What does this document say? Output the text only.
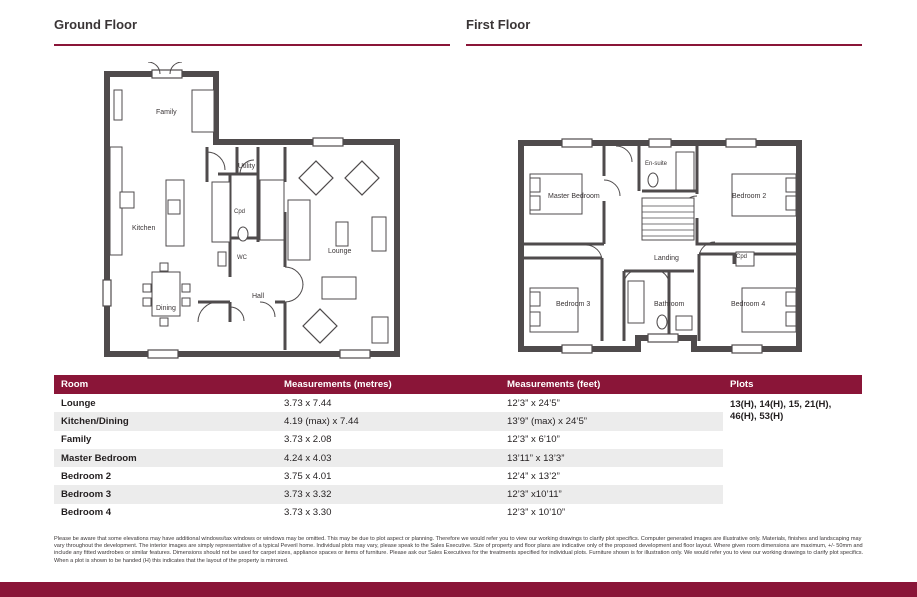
Ground Floor	First Floor
Family
Utility
Kitchen
Cpd
WC
Lounge
Dining
Hall
En-suite
Master Bedroom	Bedroom 2
Landing	Cpd
Bedroom 3	Bathroom	Bedroom 4
Room	Measurements (metres)	Measurements (feet)	Plots
Lounge	3.73 x 7.44	12’3” x 24’5”	13(H), 14(H), 15, 21(H), 46(H), 53(H)
Kitchen/Dining	4.19 (max) x 7.44	13’9” (max) x 24’5”	
Family	3.73 x 2.08	12’3” x 6’10”	
Master Bedroom	4.24 x 4.03	13’11” x 13’3”	
Bedroom 2	3.75 x 4.01	12’4” x 13’2”	
Bedroom 3	3.73 x 3.32	12’3” x10’11”	
Bedroom 4	3.73 x 3.30	12’3” x 10’10”	
Please be aware that some elevations may have additional windows/tax windows or windows may be omitted. This may be due to plot aspect or planning. Therefore we would refer you to view our working drawings to clarify plot specifics. Computer generated images are illustrative only. Materials, finishes and landscaping may vary throughout the development. The interior images are simply representative of a typical Peveril home. Individual plots may vary, please speak to the Sales Executive. Size of property and floor plans are indicative only of the proposed development and floor layout. Where given room dimensions are maximum, +/- 50mm and include any fitted wardrobes or similar features. Dimensions should not be used for carpet sizes, appliance spaces or items of furniture. Please ask our Sales Executives for the treatments specified for individual plots. Furniture shown is for illustration only. We would refer you to view our working drawings to clarify plot specifics. When a plot is shown to be handed (H) this indicates that the layout of the property is mirrored.
